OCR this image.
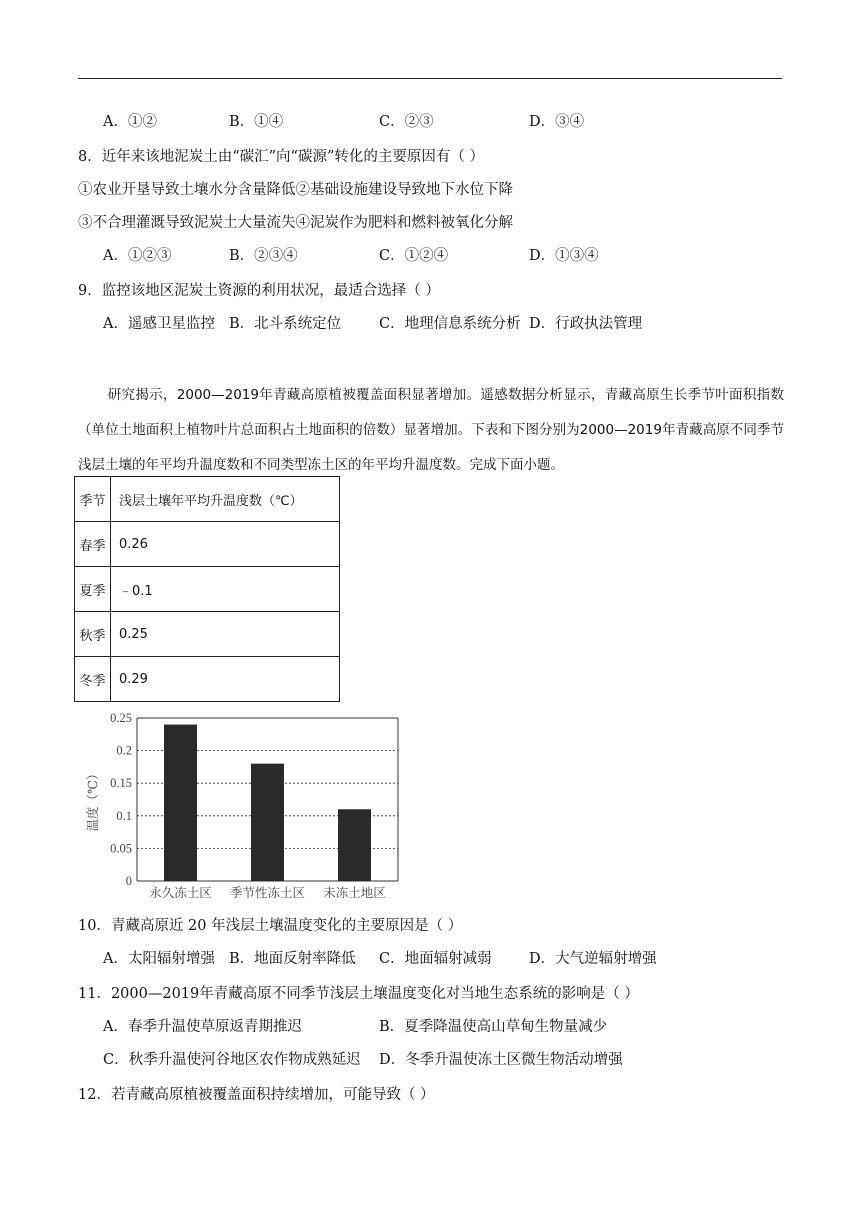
A．①②	B．①④	C．②③	D．③④
8．近年来该地泥炭土由“碳汇”向“碳源”转化的主要原因有（ ）
①农业开垦导致土壤水分含量降低②基础设施建设导致地下水位下降
③不合理灌溉导致泥炭土大量流失④泥炭作为肥料和燃料被氧化分解
A．①②③	B．②③④	C．①②④	D．①③④
9．监控该地区泥炭土资源的利用状况，最适合选择（ ）
A．遥感卫星监控 B．北斗系统定位	C．地理信息系统分析 D．行政执法管理
研究揭示，2000—2019年青藏高原植被覆盖面积显著增加。遥感数据分析显示，青藏高原生长季节叶面积指数（单位土地面积上植物叶片总面积占土地面积的倍数）显著增加。下表和下图分别为2000—2019年青藏高原不同季节浅层土壤的年平均升温度数和不同类型冻土区的年平均升温度数。完成下面小题。
季节	浅层土壤年平均升温度数（℃）
春季	0.26
夏季	﹣0.1
秋季	0.25
冬季	0.29
0
0.05
0.1
0.15
0.2
0.25
永久冻土区 季节性冻土区 未冻土地区
温度（℃）
10．青藏高原近 20 年浅层土壤温度变化的主要原因是（ ）
A．太阳辐射增强 B．地面反射率降低 C．地面辐射减弱	D．大气逆辐射增强
11．2000—2019年青藏高原不同季节浅层土壤温度变化对当地生态系统的影响是（ ）
A．春季升温使草原返青期推迟	B．夏季降温使高山草甸生物量减少
C．秋季升温使河谷地区农作物成熟延迟 D．冬季升温使冻土区微生物活动增强
12．若青藏高原植被覆盖面积持续增加，可能导致（ ）
